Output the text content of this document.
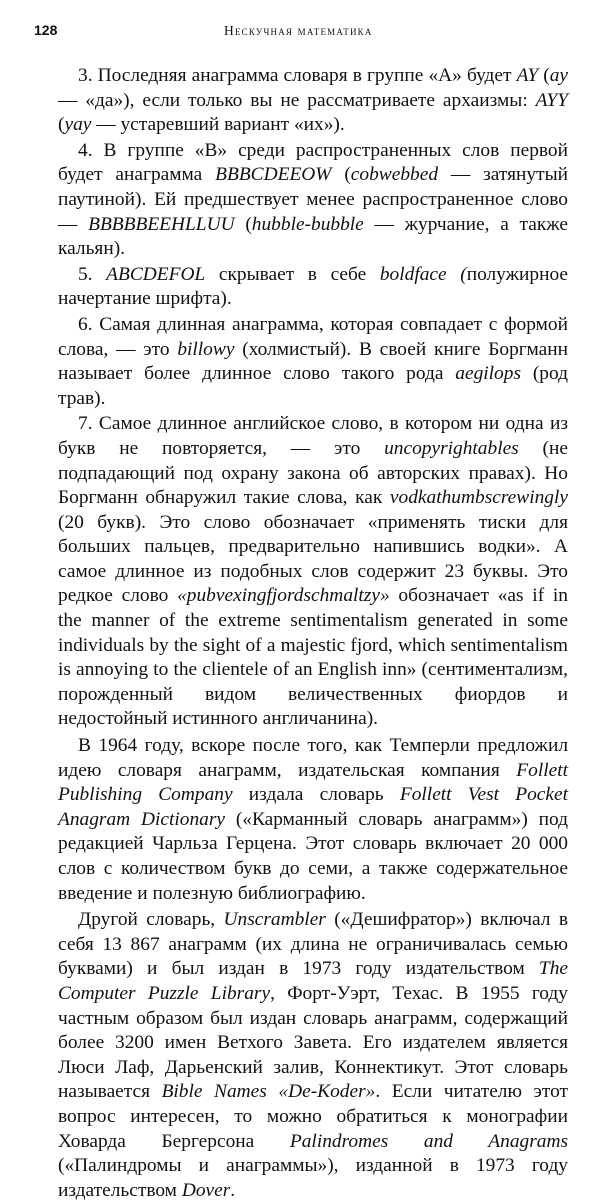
128	Нескучная математика

3. Последняя анаграмма словаря в группе «А» будет AY (ay — «да»), если только вы не рассматриваете архаизмы: AYY (yay — устаревший вариант «их»).

4. В группе «В» среди распространенных слов первой будет анаграмма BBBCDEEOW (cobwebbed — затянутый паутиной). Ей предшествует менее распространенное слово — BBBBBEEHLLUU (hubble-bubble — журчание, а также кальян).

5. ABCDEFOL скрывает в себе boldface (полужирное начертание шрифта).

6. Самая длинная анаграмма, которая совпадает с формой слова, — это billowy (холмистый). В своей книге Боргманн называет более длинное слово такого рода aegilops (род трав).

7. Самое длинное английское слово, в котором ни одна из букв не повторяется, — это uncopyrightables (не подпадающий под охрану закона об авторских правах). Но Боргманн обнаружил такие слова, как vodkathumbscrewingly (20 букв). Это слово обозначает «применять тиски для больших пальцев, предварительно напившись водки». А самое длинное из подобных слов содержит 23 буквы. Это редкое слово «pubvexingfjordschmaltzy» обозначает «as if in the manner of the extreme sentimentalism generated in some individuals by the sight of a majestic fjord, which sentimentalism is annoying to the clientele of an English inn» (сентиментализм, порожденный видом величественных фиордов и недостойный истинного англичанина).

В 1964 году, вскоре после того, как Темперли предложил идею словаря анаграмм, издательская компания Follett Publishing Company издала словарь Follett Vest Pocket Anagram Dictionary («Карманный словарь анаграмм») под редакцией Чарльза Герцена. Этот словарь включает 20 000 слов с количеством букв до семи, а также содержательное введение и полезную библиографию.

Другой словарь, Unscrambler («Дешифратор») включал в себя 13 867 анаграмм (их длина не ограничивалась семью буквами) и был издан в 1973 году издательством The Computer Puzzle Library, Форт-Уэрт, Техас. В 1955 году частным образом был издан словарь анаграмм, содержащий более 3200 имен Ветхого Завета. Его издателем является Люси Лаф, Дарьенский залив, Коннектикут. Этот словарь называется Bible Names «De-Koder». Если читателю этот вопрос интересен, то можно обратиться к монографии Ховарда Бергерсона Palindromes and Anagrams («Палиндромы и анаграммы»), изданной в 1973 году издательством Dover.
